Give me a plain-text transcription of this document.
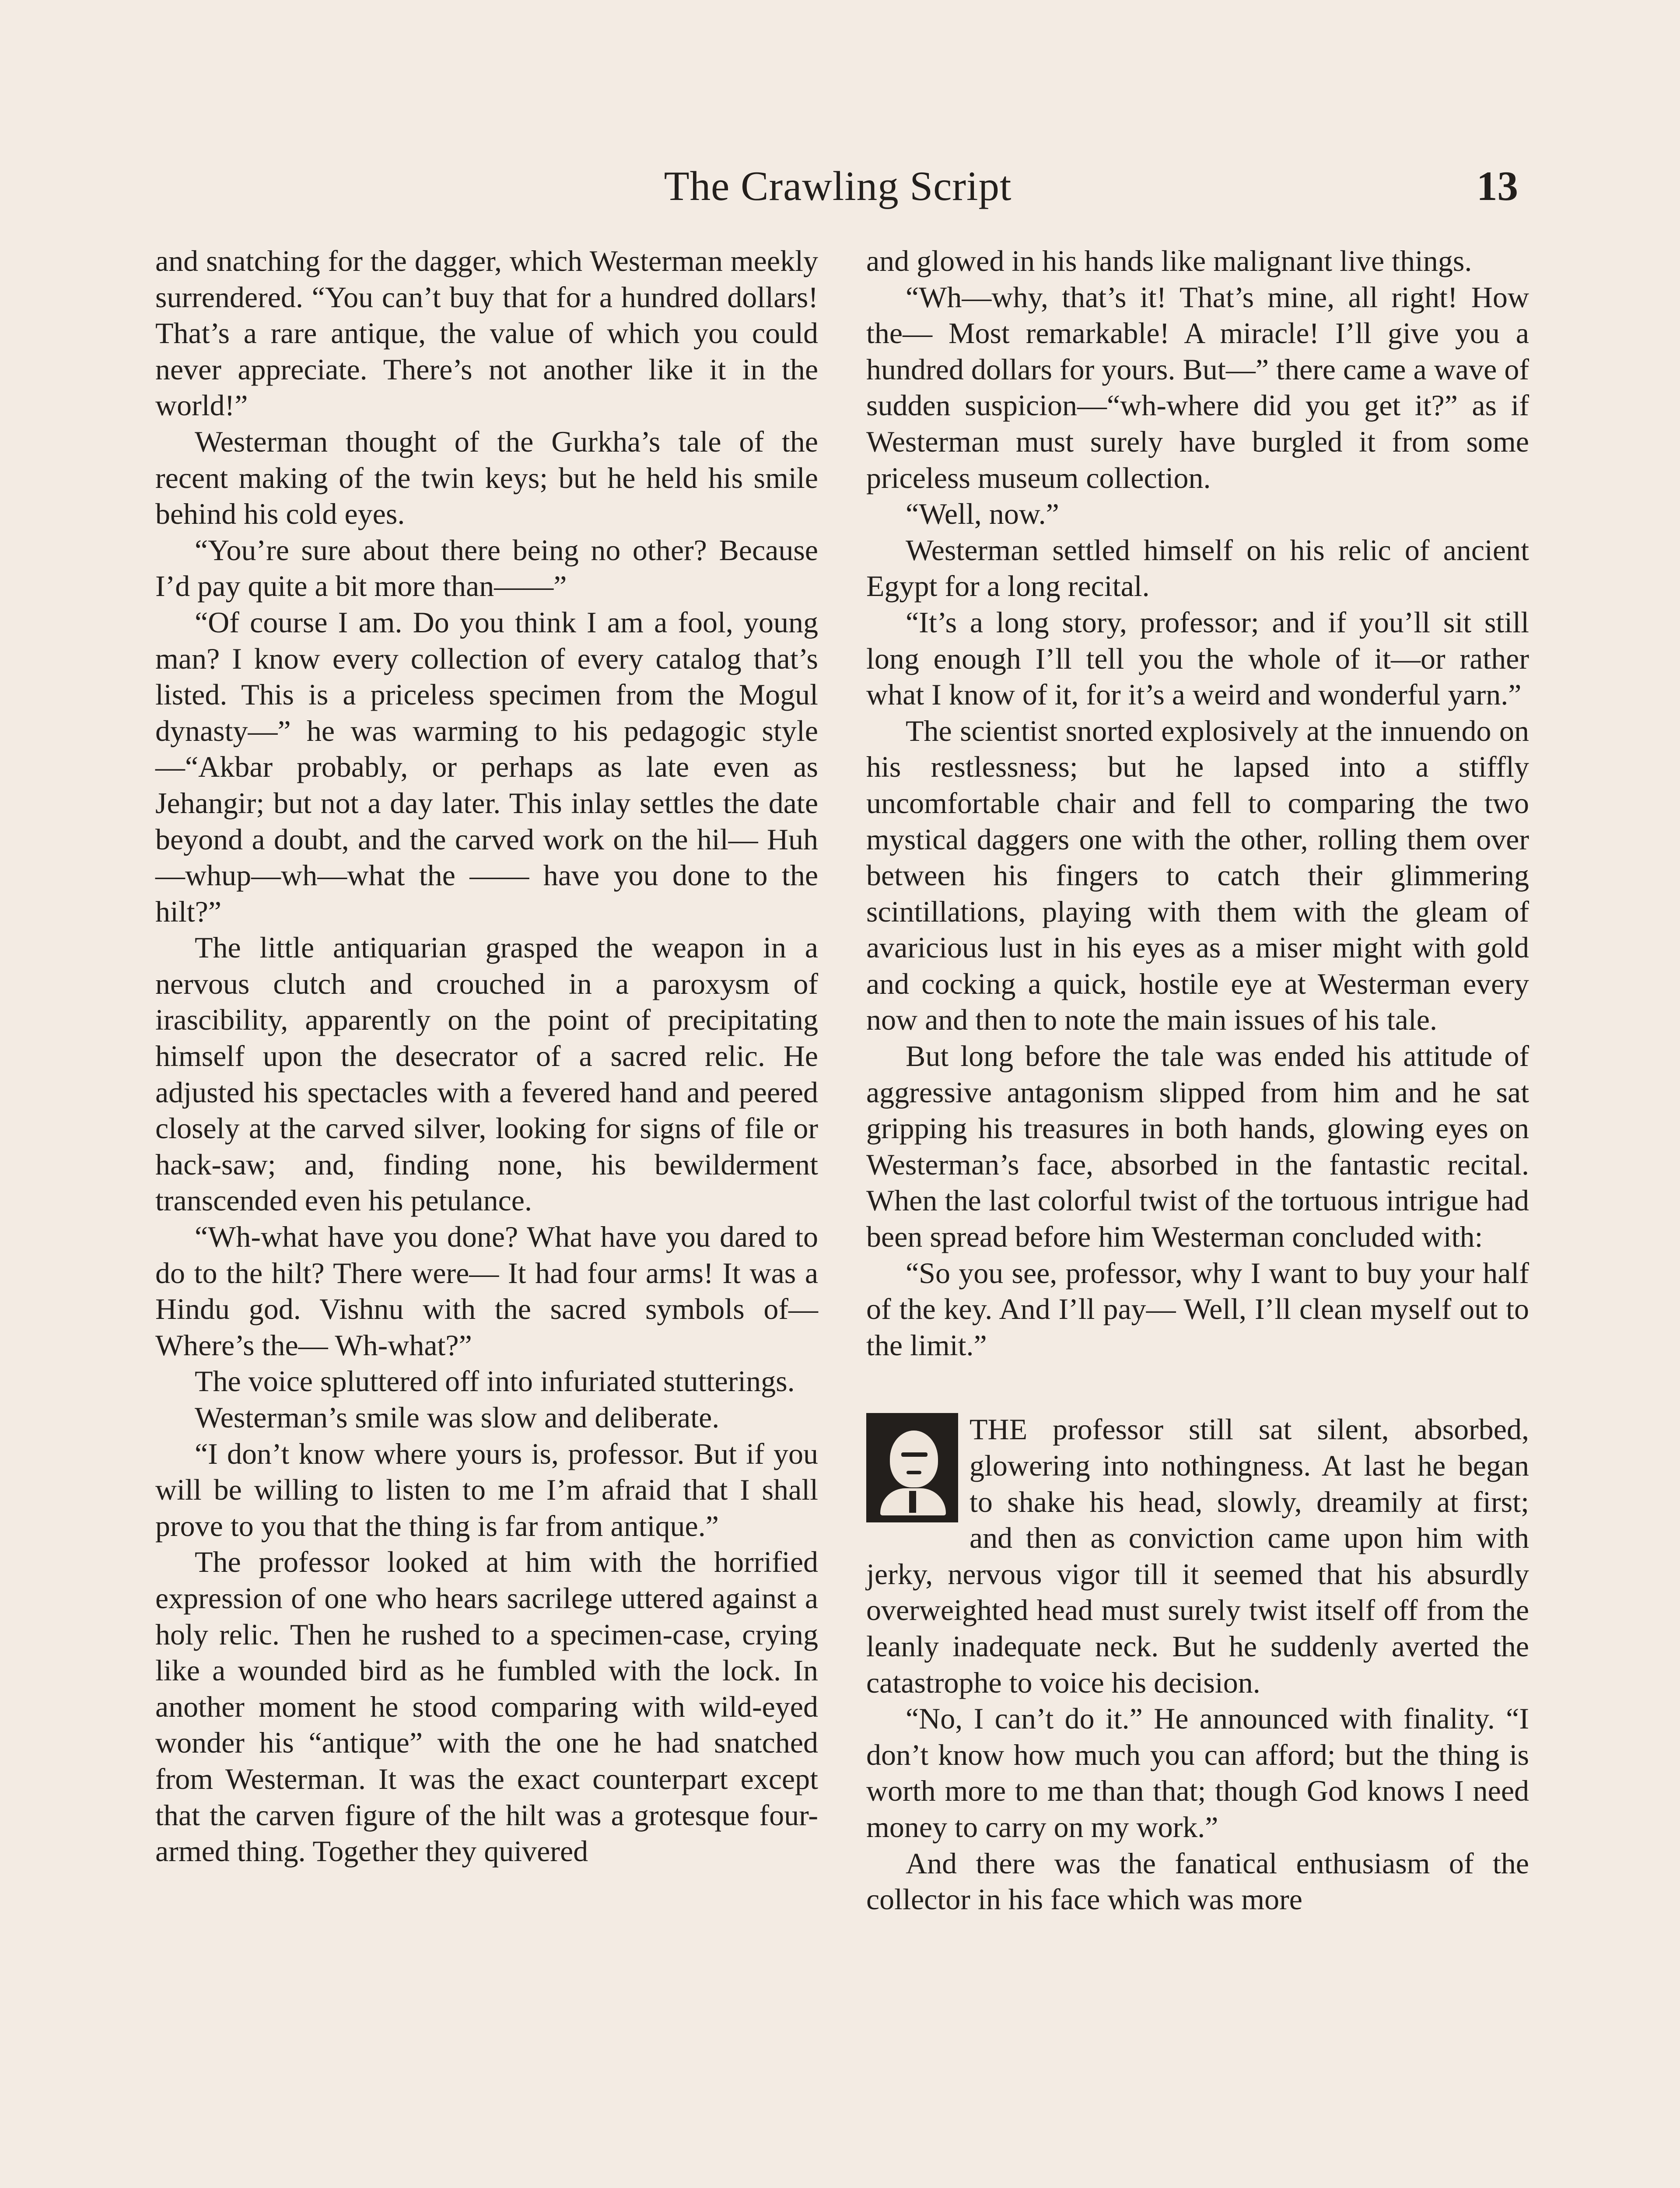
The Crawling Script	13

and snatching for the dagger, which Westerman meekly surrendered. “You can’t buy that for a hundred dollars! That’s a rare antique, the value of which you could never appreciate. There’s not another like it in the world!”

Westerman thought of the Gurkha’s tale of the recent making of the twin keys; but he held his smile behind his cold eyes.

“You’re sure about there being no other? Because I’d pay quite a bit more than——”

“Of course I am. Do you think I am a fool, young man? I know every collection of every catalog that’s listed. This is a priceless specimen from the Mogul dynasty—” he was warming to his pedagogic style—“Akbar probably, or perhaps as late even as Jehangir; but not a day later. This inlay settles the date beyond a doubt, and the carved work on the hil— Huh—whup—wh—what the —— have you done to the hilt?”

The little antiquarian grasped the weapon in a nervous clutch and crouched in a paroxysm of irascibility, apparently on the point of precipitating himself upon the desecrator of a sacred relic. He adjusted his spectacles with a fevered hand and peered closely at the carved silver, looking for signs of file or hack-saw; and, finding none, his bewilderment transcended even his petulance.

“Wh-what have you done? What have you dared to do to the hilt? There were— It had four arms! It was a Hindu god. Vishnu with the sacred symbols of— Where’s the— Wh-what?”

The voice spluttered off into infuriated stutterings.

Westerman’s smile was slow and deliberate.

“I don’t know where yours is, professor. But if you will be willing to listen to me I’m afraid that I shall prove to you that the thing is far from antique.”

The professor looked at him with the horrified expression of one who hears sacrilege uttered against a holy relic. Then he rushed to a specimen-case, crying like a wounded bird as he fumbled with the lock. In another moment he stood comparing with wild-eyed wonder his “antique” with the one he had snatched from Westerman. It was the exact counterpart except that the carven figure of the hilt was a grotesque four-armed thing. Together they quivered

and glowed in his hands like malignant live things.

“Wh—why, that’s it! That’s mine, all right! How the— Most remarkable! A miracle! I’ll give you a hundred dollars for yours. But—” there came a wave of sudden suspicion—“wh-where did you get it?” as if Westerman must surely have burgled it from some priceless museum collection.

“Well, now.”

Westerman settled himself on his relic of ancient Egypt for a long recital.

“It’s a long story, professor; and if you’ll sit still long enough I’ll tell you the whole of it—or rather what I know of it, for it’s a weird and wonderful yarn.”

The scientist snorted explosively at the innuendo on his restlessness; but he lapsed into a stiffly uncomfortable chair and fell to comparing the two mystical daggers one with the other, rolling them over between his fingers to catch their glimmering scintillations, playing with them with the gleam of avaricious lust in his eyes as a miser might with gold and cocking a quick, hostile eye at Westerman every now and then to note the main issues of his tale.

But long before the tale was ended his attitude of aggressive antagonism slipped from him and he sat gripping his treasures in both hands, glowing eyes on Westerman’s face, absorbed in the fantastic recital. When the last colorful twist of the tortuous intrigue had been spread before him Westerman concluded with:

“So you see, professor, why I want to buy your half of the key. And I’ll pay— Well, I’ll clean myself out to the limit.”

THE professor still sat silent, absorbed, glowering into nothingness. At last he began to shake his head, slowly, dreamily at first; and then as conviction came upon him with jerky, nervous vigor till it seemed that his absurdly overweighted head must surely twist itself off from the leanly inadequate neck. But he suddenly averted the catastrophe to voice his decision.

“No, I can’t do it.” He announced with finality. “I don’t know how much you can afford; but the thing is worth more to me than that; though God knows I need money to carry on my work.”

And there was the fanatical enthusiasm of the collector in his face which was more
